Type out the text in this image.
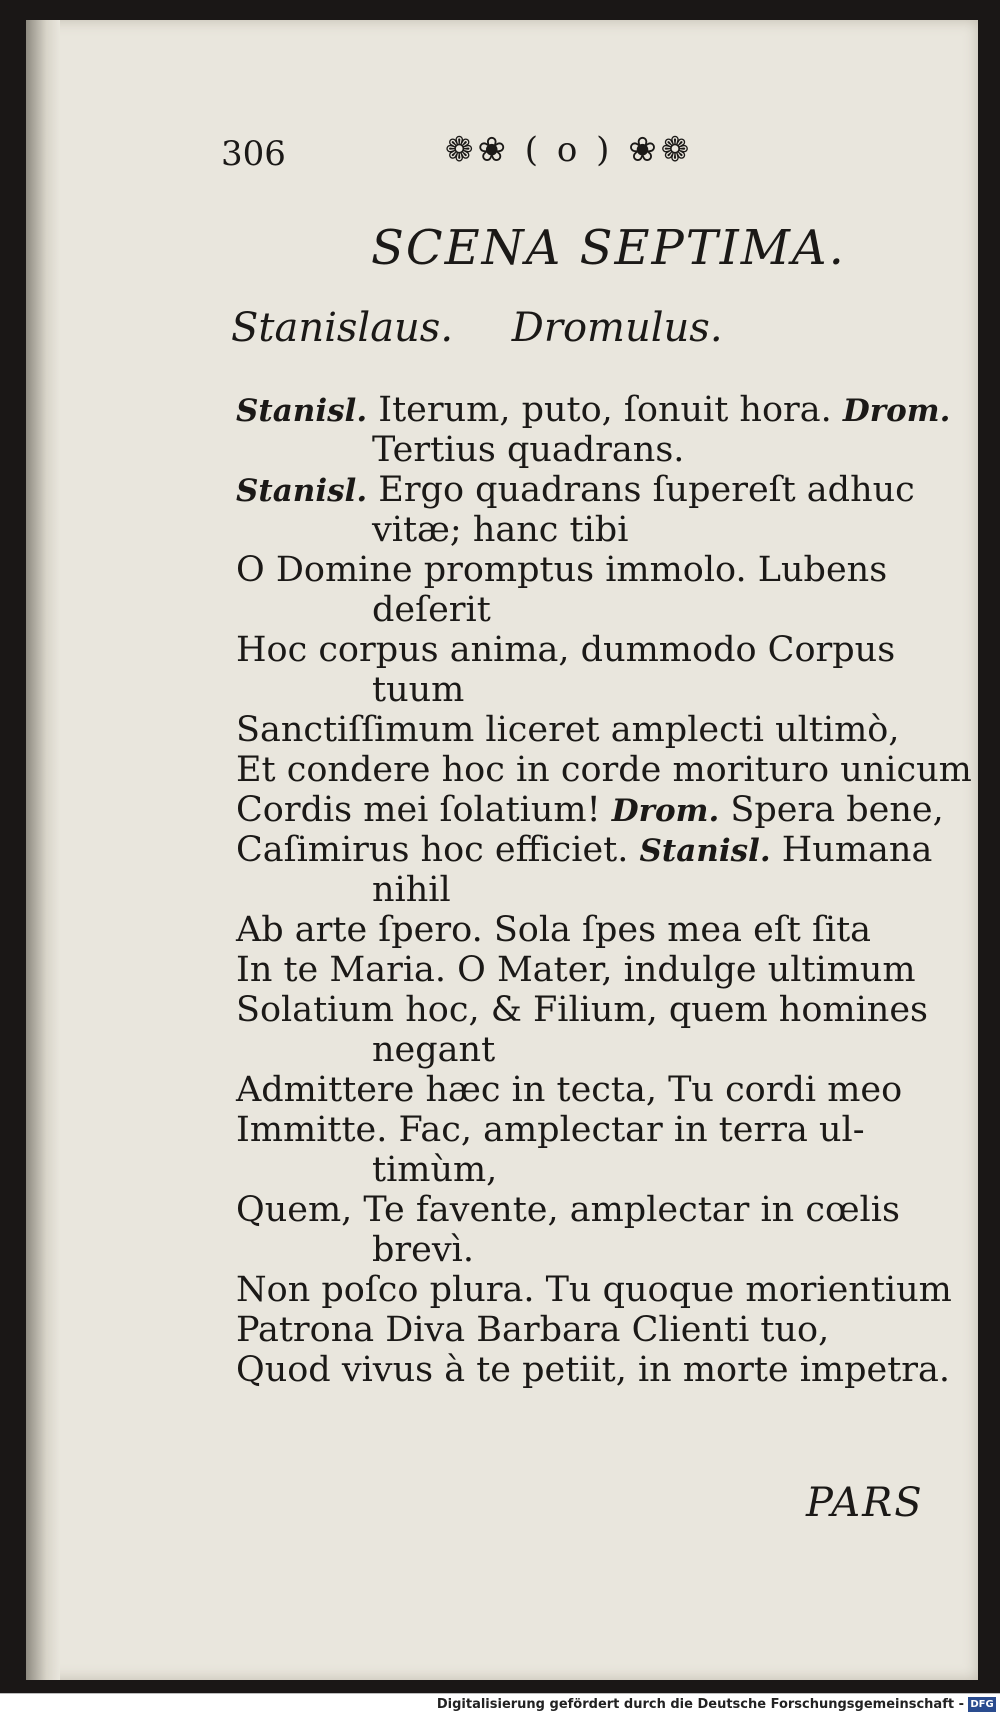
306	❁❀ ( o ) ❀❁
SCENA SEPTIMA.
Stanislaus. Dromulus.
Stanisl. Iterum, puto, ſonuit hora. Drom.
Tertius quadrans.
Stanisl. Ergo quadrans ſupereſt adhuc
vitæ; hanc tibi
O Domine promptus immolo. Lubens
deſerit
Hoc corpus anima, dummodo Corpus
tuum
Sanctiſſimum liceret amplecti ultimò,
Et condere hoc in corde morituro unicum
Cordis mei ſolatium! Drom. Spera bene,
Caſimirus hoc efficiet. Stanisl. Humana
nihil
Ab arte ſpero. Sola ſpes mea eſt ſita
In te Maria. O Mater, indulge ultimum
Solatium hoc, & Filium, quem homines
negant
Admittere hæc in tecta, Tu cordi meo
Immitte. Fac, amplectar in terra ul-
timùm,
Quem, Te favente, amplectar in cœlis
brevì.
Non poſco plura. Tu quoque morientium
Patrona Diva Barbara Clienti tuo,
Quod vivus à te petiit, in morte impetra.
PARS
Digitalisierung gefördert durch die Deutsche Forschungsgemeinschaft - DFG
